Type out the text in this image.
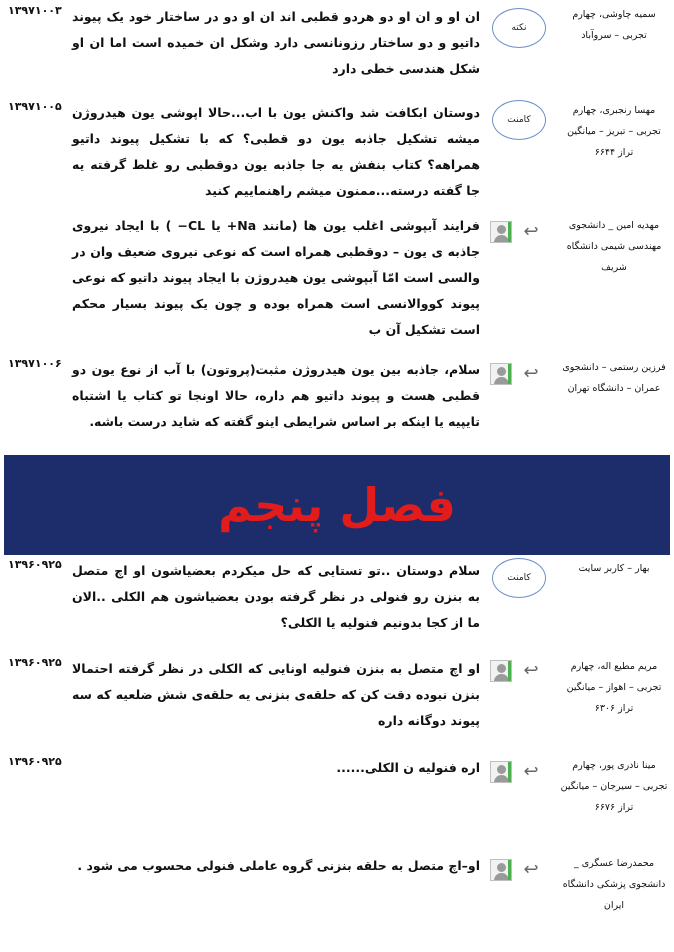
۱۳۹۷۱۰۰۳ ان او و ان او دو هردو قطبی اند ان او دو در ساختار خود یک پیوند داتیو و دو ساختار رزونانسی دارد وشکل ان خمیده است اما ان او شکل هندسی خطی دارد
نکته
سمیه چاوشی، چهارم تجربی – سروآباد
۱۳۹۷۱۰۰۵ دوستان ابکافت شد واکنش یون با اب...حالا اپوشی یون هیدروژن میشه تشکیل جاذبه یون دو قطبی؟ که با تشکیل پیوند داتیو همراهه؟ کتاب بنفش یه جا جاذبه یون دوقطبی رو غلط گرفته یه جا گفته درسته...ممنون میشم راهنماییم کنید
کامنت
مهسا رنجبری، چهارم تجربی – تبریز – میانگین تراز ۶۶۴۴
فرایند آبپوشی اغلب یون ها (مانند Na+ یا CL− ) با ایجاد نیروی جاذبه ی یون – دوقطبی همراه است که نوعی نیروی ضعیف وان در والسی است امّا آبپوشی یون هیدروژن با ایجاد پیوند داتیو که نوعی پیوند کووالانسی است همراه بوده و چون یک پیوند بسیار محکم است تشکیل آن ب
↩	مهدیه امین _ دانشجوی مهندسی شیمی دانشگاه شریف
۱۳۹۷۱۰۰۶ سلام، جاذبه بین یون هیدروژن مثبت(پروتون) با آب از نوع یون دو قطبی هست و پیوند داتیو هم داره، حالا اونجا تو کتاب یا اشتباه تایپیه یا اینکه بر اساس شرایطی اینو گفته که شاید درست باشه.
↩	فرزین رستمی – دانشجوی عمران – دانشگاه تهران
فصل پنجم
۱۳۹۶۰۹۲۵ سلام دوستان ..تو تستایی که حل میکردم بعضیاشون او اچ متصل به بنزن رو فنولی در نظر گرفته بودن بعضیاشون هم الکلی ..الان ما از کجا بدونیم فنولیه یا الکلی؟
کامنت
بهار – کاربر سایت
۱۳۹۶۰۹۲۵ او اچ متصل به بنزن فنولیه اونایی که الکلی در نظر گرفته احتمالا بنزن نبوده دقت کن که حلقه‌ی بنزنی یه حلقه‌ی شش ضلعیه که سه پیوند دوگانه داره
↩	مریم مطیع اله، چهارم تجربی – اهواز – میانگین تراز ۶۳۰۶
۱۳۹۶۰۹۲۵	اره فنولیه ن الکلی...... ↩	مینا نادری پور، چهارم تجربی – سیرجان – میانگین تراز ۶۶۷۶
او–اچ متصل به حلقه بنزنی گروه عاملی فنولی محسوب می شود . ↩	محمدرضا عسگری _ دانشجوی پزشکی دانشگاه ایران
